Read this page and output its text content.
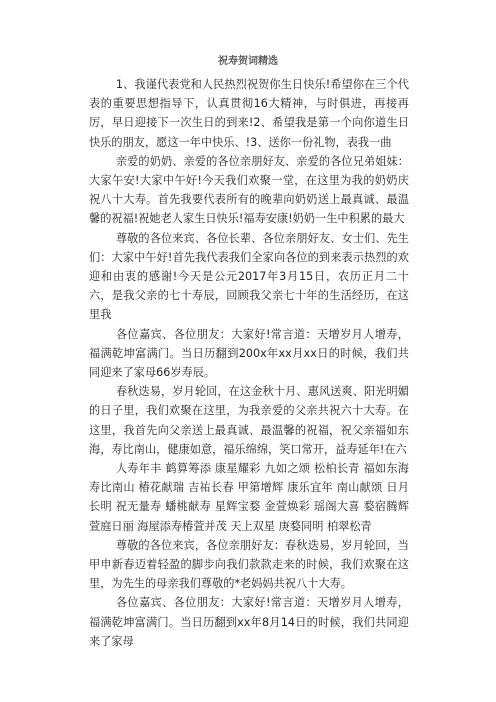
祝寿贺词精选

1、我谨代表党和人民热烈祝贺你生日快乐!希望你在三个代表的重要思想指导下，认真贯彻16大精神，与时俱进，再接再厉，早日迎接下一次生日的到来!2、希望我是第一个向你道生日快乐的朋友，愿这一年中快乐、!3、送你一份礼物，表我一曲

亲爱的奶奶、亲爱的各位亲朋好友、亲爱的各位兄弟姐妹：大家午安!大家中午好!今天我们欢聚一堂，在这里为我的奶奶庆祝八十大寿。首先我要代表所有的晚辈向奶奶送上最真诚、最温馨的祝福!祝她老人家生日快乐!福寿安康!奶奶一生中积累的最大

尊敬的各位来宾、各位长辈、各位亲朋好友、女士们、先生们：大家中午好!首先我代表我们全家向各位的到来表示热烈的欢迎和由衷的感谢!今天是公元2017年3月15日，农历正月二十六，是我父亲的七十寿辰，回顾我父亲七十年的生活经历，在这里我

各位嘉宾、各位朋友：大家好!常言道：天增岁月人增寿，福满乾坤富满门。当日历翻到200x年xx月xx日的时候，我们共同迎来了家母66岁寿辰。

春秋迭易，岁月轮回，在这金秋十月、惠风送爽、阳光明媚的日子里，我们欢聚在这里，为我亲爱的父亲共祝六十大寿。在这里，我首先向父亲送上最真诚、最温馨的祝福，祝父亲福如东海，寿比南山，健康如意，福乐绵绵，笑口常开，益寿延年!在六

人寿年丰 鹤算筹添 康星耀彩 九如之颂 松柏长青 福如东海 寿比南山 椿花献瑞 吉祐长春 甲第增辉 康乐宜年 南山献颂 日月长明 祝无量寿 蟠桃献寿 星辉宝婺 金萱焕彩 瑶阁大喜 婺宿腾辉 萱庭日丽 海屋添寿椿萱并茂 天上双星 庚婺同明 柏翠松青

尊敬的各位来宾，各位亲朋好友：春秋迭易，岁月轮回，当甲申新春迈着轻盈的脚步向我们款款走来的时候，我们欢聚在这里，为先生的母亲我们尊敬的*老妈妈共祝八十大寿。

各位嘉宾、各位朋友：大家好!常言道：天增岁月人增寿，福满乾坤富满门。当日历翻到xx年8月14日的时候，我们共同迎来了家母
